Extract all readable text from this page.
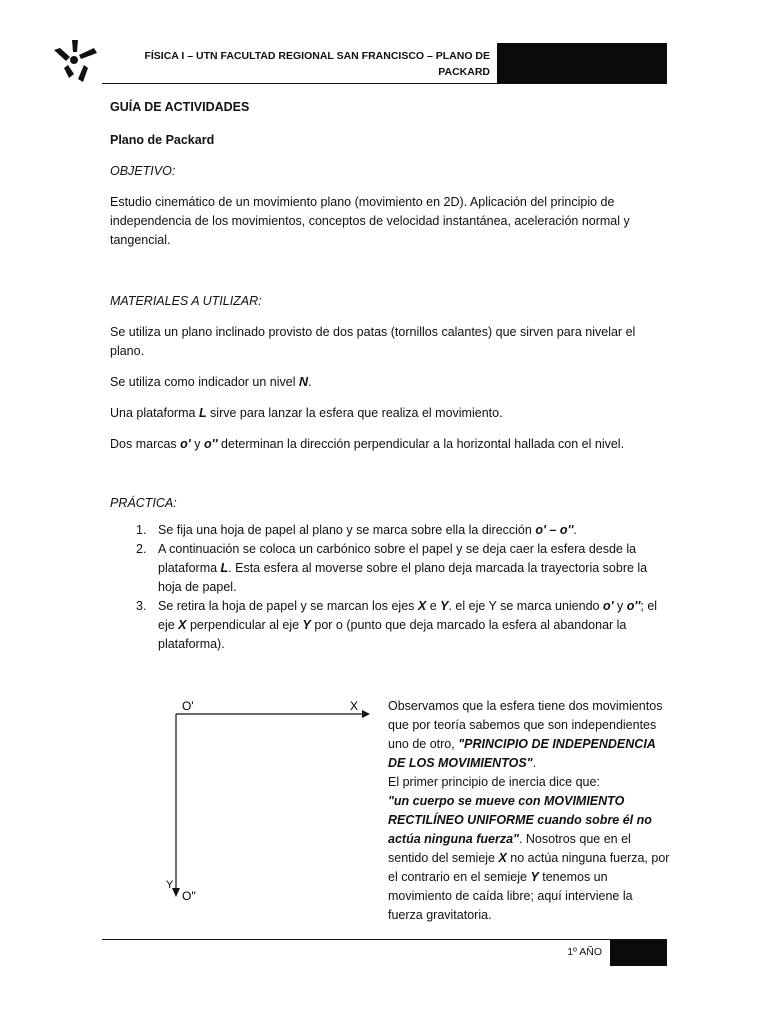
FÍSICA I – UTN FACULTAD REGIONAL SAN FRANCISCO – PLANO DE
PACKARD
GUÍA DE ACTIVIDADES
Plano de Packard
OBJETIVO:
Estudio cinemático de un movimiento plano (movimiento en 2D). Aplicación del principio de independencia de los movimientos, conceptos de velocidad instantánea, aceleración normal y tangencial.
MATERIALES A UTILIZAR:
Se utiliza un plano inclinado provisto de dos patas (tornillos calantes) que sirven para nivelar el plano.
Se utiliza como indicador un nivel N.
Una plataforma L sirve para lanzar la esfera que realiza el movimiento.
Dos marcas o' y o'' determinan la dirección perpendicular a la horizontal hallada con el nivel.
PRÁCTICA:
1. Se fija una hoja de papel al plano y se marca sobre ella la dirección o' – o''.
2. A continuación se coloca un carbónico sobre el papel y se deja caer la esfera desde la plataforma L. Esta esfera al moverse sobre el plano deja marcada la trayectoria sobre la hoja de papel.
3. Se retira la hoja de papel y se marcan los ejes X e Y. el eje Y se marca uniendo o' y o''; el eje X perpendicular al eje Y por o (punto que deja marcado la esfera al abandonar la plataforma).
O'	X
Y
O''
Observamos que la esfera tiene dos movimientos que por teoría sabemos que son independientes uno de otro, "PRINCIPIO DE INDEPENDENCIA DE LOS MOVIMIENTOS".
El primer principio de inercia dice que:
"un cuerpo se mueve con MOVIMIENTO RECTILÍNEO UNIFORME cuando sobre él no actúa ninguna fuerza". Nosotros que en el sentido del semieje X no actúa ninguna fuerza, por el contrario en el semieje Y tenemos un movimiento de caída libre; aquí interviene la fuerza gravitatoria.
1º AÑO
